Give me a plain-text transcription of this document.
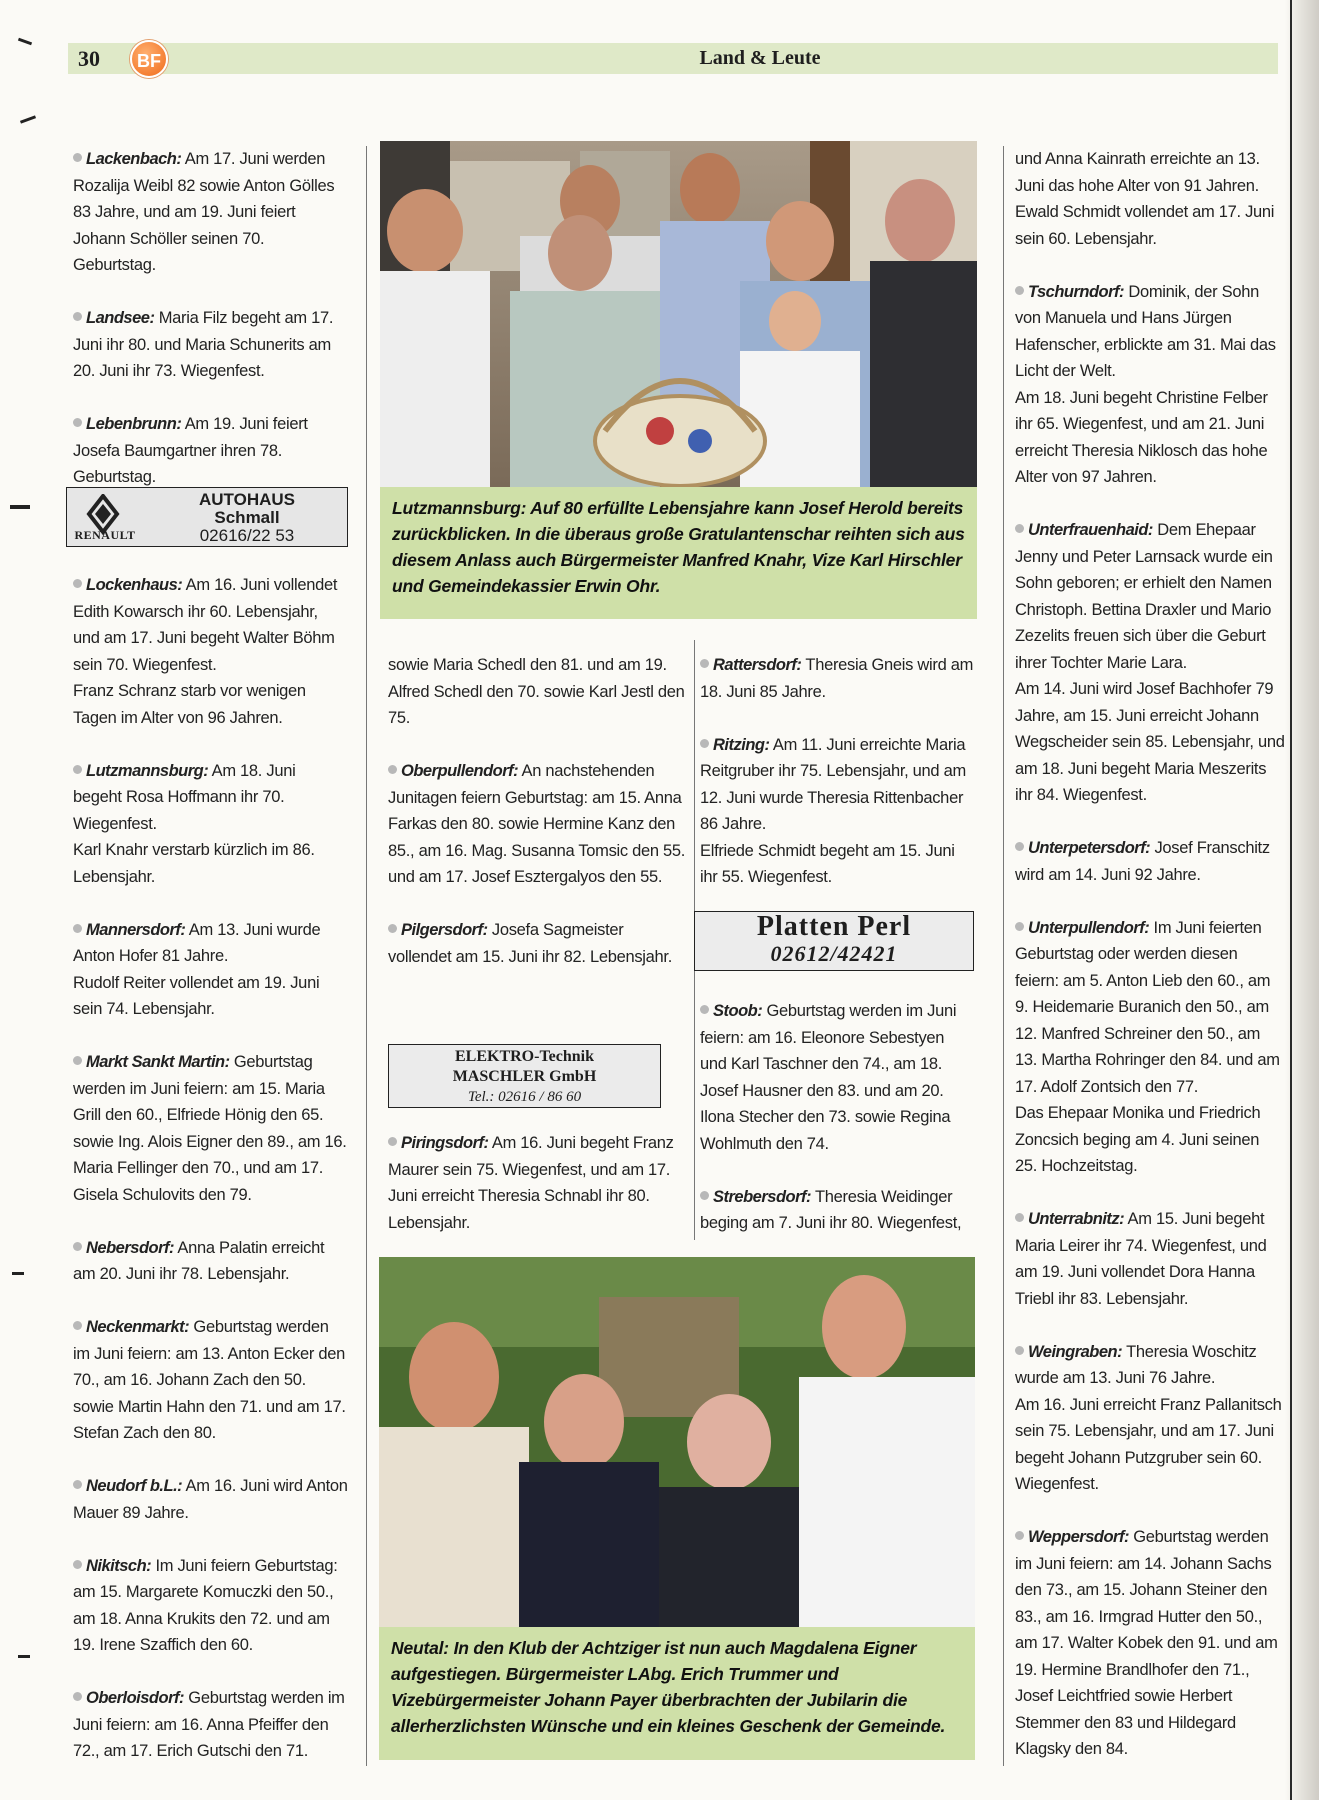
30	BF	Land & Leute

Lackenbach: Am 17. Juni werden Rozalija Weibl 82 sowie Anton Gölles 83 Jahre, und am 19. Juni feiert Johann Schöller seinen 70. Geburtstag.

Landsee: Maria Filz begeht am 17. Juni ihr 80. und Maria Schunerits am 20. Juni ihr 73. Wiegenfest.

Lebenbrunn: Am 19. Juni feiert Josefa Baumgartner ihren 78. Geburtstag.

RENAULT
AUTOHAUS
Schmall
02616/22 53

Lockenhaus: Am 16. Juni vollendet Edith Kowarsch ihr 60. Lebensjahr, und am 17. Juni begeht Walter Böhm sein 70. Wiegenfest.

Franz Schranz starb vor wenigen Tagen im Alter von 96 Jahren.

Lutzmannsburg: Am 18. Juni begeht Rosa Hoffmann ihr 70. Wiegenfest.

Karl Knahr verstarb kürzlich im 86. Lebensjahr.

Mannersdorf: Am 13. Juni wurde Anton Hofer 81 Jahre.

Rudolf Reiter vollendet am 19. Juni sein 74. Lebensjahr.

Markt Sankt Martin: Geburtstag werden im Juni feiern: am 15. Maria Grill den 60., Elfriede Hönig den 65. sowie Ing. Alois Eigner den 89., am 16. Maria Fellinger den 70., und am 17. Gisela Schulovits den 79.

Nebersdorf: Anna Palatin erreicht am 20. Juni ihr 78. Lebensjahr.

Neckenmarkt: Geburtstag werden im Juni feiern: am 13. Anton Ecker den 70., am 16. Johann Zach den 50. sowie Martin Hahn den 71. und am 17. Stefan Zach den 80.

Neudorf b.L.: Am 16. Juni wird Anton Mauer 89 Jahre.

Nikitsch: Im Juni feiern Geburtstag: am 15. Margarete Komuczki den 50., am 18. Anna Krukits den 72. und am 19. Irene Szaffich den 60.

Oberloisdorf: Geburtstag werden im Juni feiern: am 16. Anna Pfeiffer den 72., am 17. Erich Gutschi den 71.

Lutzmannsburg: Auf 80 erfüllte Lebensjahre kann Josef Herold bereits zurückblicken. In die überaus große Gratulantenschar reihten sich aus diesem Anlass auch Bürgermeister Manfred Knahr, Vize Karl Hirschler und Gemeindekassier Erwin Ohr.

sowie Maria Schedl den 81. und am 19. Alfred Schedl den 70. sowie Karl Jestl den 75.

Oberpullendorf: An nachstehenden Junitagen feiern Geburtstag: am 15. Anna Farkas den 80. sowie Hermine Kanz den 85., am 16. Mag. Susanna Tomsic den 55. und am 17. Josef Esztergalyos den 55.

Pilgersdorf: Josefa Sagmeister vollendet am 15. Juni ihr 82. Lebensjahr.

ELEKTRO-Technik
MASCHLER GmbH
Tel.: 02616 / 86 60

Piringsdorf: Am 16. Juni begeht Franz Maurer sein 75. Wiegenfest, und am 17. Juni erreicht Theresia Schnabl ihr 80. Lebensjahr.

Rattersdorf: Theresia Gneis wird am 18. Juni 85 Jahre.

Ritzing: Am 11. Juni erreichte Maria Reitgruber ihr 75. Lebensjahr, und am 12. Juni wurde Theresia Rittenbacher 86 Jahre.

Elfriede Schmidt begeht am 15. Juni ihr 55. Wiegenfest.

Platten Perl
02612/42421

Stoob: Geburtstag werden im Juni feiern: am 16. Eleonore Sebestyen und Karl Taschner den 74., am 18. Josef Hausner den 83. und am 20. Ilona Stecher den 73. sowie Regina Wohlmuth den 74.

Strebersdorf: Theresia Weidinger beging am 7. Juni ihr 80. Wiegenfest,

Neutal: In den Klub der Achtziger ist nun auch Magdalena Eigner aufgestiegen. Bürgermeister LAbg. Erich Trummer und Vizebürgermeister Johann Payer überbrachten der Jubilarin die allerherzlichsten Wünsche und ein kleines Geschenk der Gemeinde.

und Anna Kainrath erreichte an 13. Juni das hohe Alter von 91 Jahren.

Ewald Schmidt vollendet am 17. Juni sein 60. Lebensjahr.

Tschurndorf: Dominik, der Sohn von Manuela und Hans Jürgen Hafenscher, erblickte am 31. Mai das Licht der Welt.

Am 18. Juni begeht Christine Felber ihr 65. Wiegenfest, und am 21. Juni erreicht Theresia Niklosch das hohe Alter von 97 Jahren.

Unterfrauenhaid: Dem Ehepaar Jenny und Peter Larnsack wurde ein Sohn geboren; er erhielt den Namen Christoph. Bettina Draxler und Mario Zezelits freuen sich über die Geburt ihrer Tochter Marie Lara.

Am 14. Juni wird Josef Bachhofer 79 Jahre, am 15. Juni erreicht Johann Wegscheider sein 85. Lebensjahr, und am 18. Juni begeht Maria Meszerits ihr 84. Wiegenfest.

Unterpetersdorf: Josef Franschitz wird am 14. Juni 92 Jahre.

Unterpullendorf: Im Juni feierten Geburtstag oder werden diesen feiern: am 5. Anton Lieb den 60., am 9. Heidemarie Buranich den 50., am 12. Manfred Schreiner den 50., am 13. Martha Rohringer den 84. und am 17. Adolf Zontsich den 77.

Das Ehepaar Monika und Friedrich Zoncsich beging am 4. Juni seinen 25. Hochzeitstag.

Unterrabnitz: Am 15. Juni begeht Maria Leirer ihr 74. Wiegenfest, und am 19. Juni vollendet Dora Hanna Triebl ihr 83. Lebensjahr.

Weingraben: Theresia Woschitz wurde am 13. Juni 76 Jahre.

Am 16. Juni erreicht Franz Pallanitsch sein 75. Lebensjahr, und am 17. Juni begeht Johann Putzgruber sein 60. Wiegenfest.

Weppersdorf: Geburtstag werden im Juni feiern: am 14. Johann Sachs den 73., am 15. Johann Steiner den 83., am 16. Irmgrad Hutter den 50., am 17. Walter Kobek den 91. und am 19. Hermine Brandlhofer den 71., Josef Leichtfried sowie Herbert Stemmer den 83 und Hildegard Klagsky den 84.
